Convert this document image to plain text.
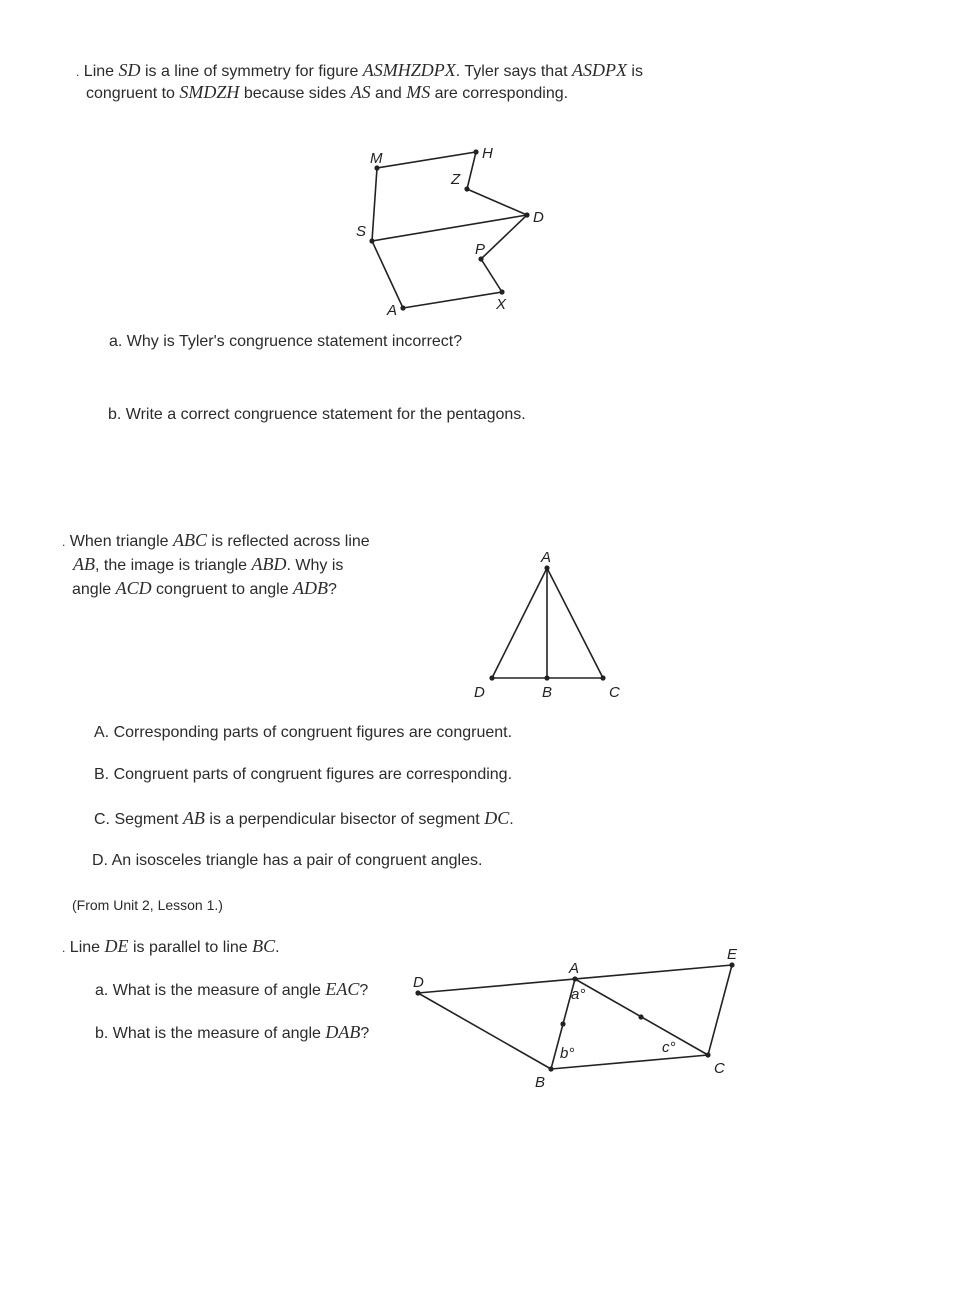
. Line SD is a line of symmetry for figure ASMHZDPX. Tyler says that ASDPX is
congruent to SMDZH because sides AS and MS are corresponding.
M	H
Z
D
S
P
A	X
a. Why is Tyler's congruence statement incorrect?
b. Write a correct congruence statement for the pentagons.
. When triangle ABC is reflected across line
AB, the image is triangle ABD. Why is
angle ACD congruent to angle ADB?
A
D	B	C
A. Corresponding parts of congruent figures are congruent.
B. Congruent parts of congruent figures are corresponding.
C. Segment AB is a perpendicular bisector of segment DC.
D. An isosceles triangle has a pair of congruent angles.
(From Unit 2, Lesson 1.)
. Line DE is parallel to line BC.
a. What is the measure of angle EAC?
b. What is the measure of angle DAB?
D
A
E
B
C
a°
b°	c°
